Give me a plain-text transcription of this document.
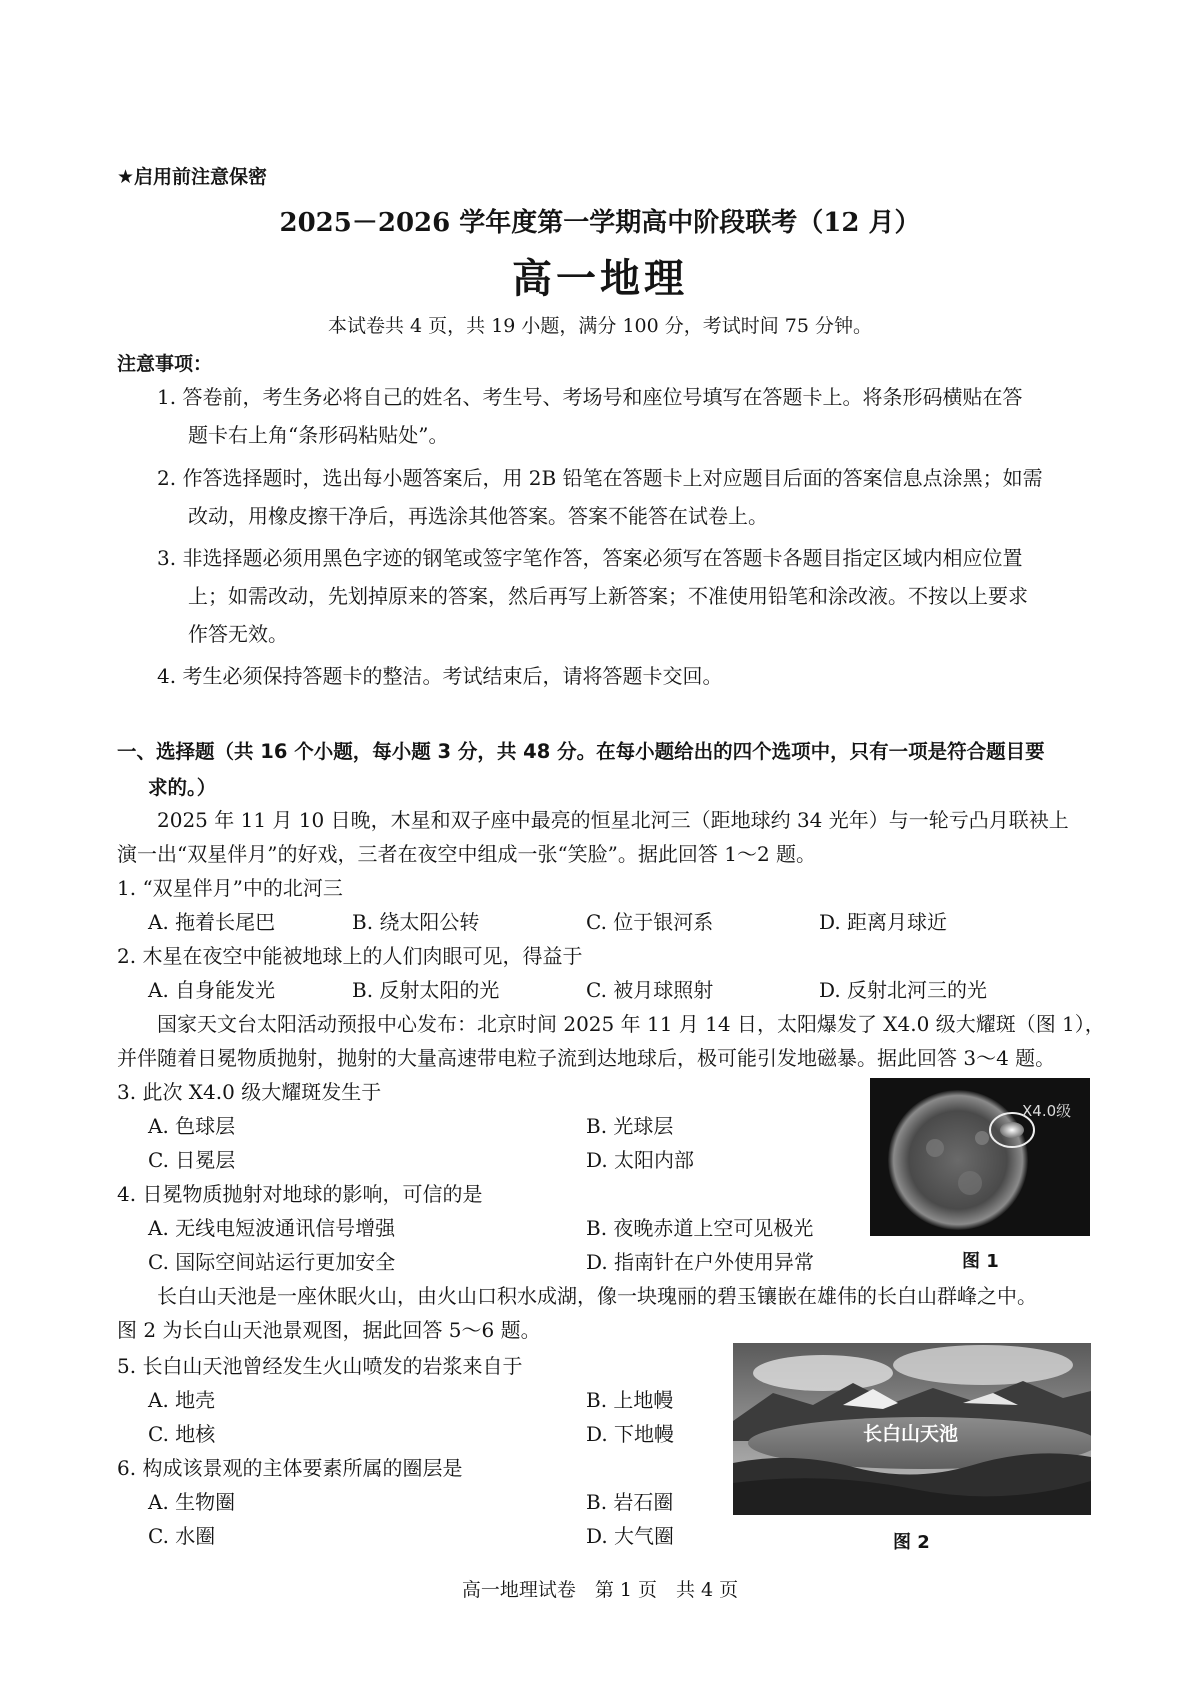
★启用前注意保密
2025－2026 学年度第一学期高中阶段联考（12 月）
高一地理
本试卷共 4 页，共 19 小题，满分 100 分，考试时间 75 分钟。
注意事项：
1. 答卷前，考生务必将自己的姓名、考生号、考场号和座位号填写在答题卡上。将条形码横贴在答
题卡右上角“条形码粘贴处”。
2. 作答选择题时，选出每小题答案后，用 2B 铅笔在答题卡上对应题目后面的答案信息点涂黑；如需
改动，用橡皮擦干净后，再选涂其他答案。答案不能答在试卷上。
3. 非选择题必须用黑色字迹的钢笔或签字笔作答，答案必须写在答题卡各题目指定区域内相应位置
上；如需改动，先划掉原来的答案，然后再写上新答案；不准使用铅笔和涂改液。不按以上要求
作答无效。
4. 考生必须保持答题卡的整洁。考试结束后，请将答题卡交回。
一、选择题（共 16 个小题，每小题 3 分，共 48 分。在每小题给出的四个选项中，只有一项是符合题目要
求的。）
2025 年 11 月 10 日晚，木星和双子座中最亮的恒星北河三（距地球约 34 光年）与一轮亏凸月联袂上
演一出“双星伴月”的好戏，三者在夜空中组成一张“笑脸”。据此回答 1～2 题。
1. “双星伴月”中的北河三
A. 拖着长尾巴	B. 绕太阳公转	C. 位于银河系	D. 距离月球近
2. 木星在夜空中能被地球上的人们肉眼可见，得益于
A. 自身能发光	B. 反射太阳的光	C. 被月球照射	D. 反射北河三的光
国家天文台太阳活动预报中心发布：北京时间 2025 年 11 月 14 日，太阳爆发了 X4.0 级大耀斑（图 1），
并伴随着日冕物质抛射，抛射的大量高速带电粒子流到达地球后，极可能引发地磁暴。据此回答 3～4 题。
3. 此次 X4.0 级大耀斑发生于
A. 色球层	B. 光球层
C. 日冕层	D. 太阳内部
4. 日冕物质抛射对地球的影响，可信的是
A. 无线电短波通讯信号增强	B. 夜晚赤道上空可见极光
C. 国际空间站运行更加安全	D. 指南针在户外使用异常
X4.0级
图 1
长白山天池是一座休眠火山，由火山口积水成湖，像一块瑰丽的碧玉镶嵌在雄伟的长白山群峰之中。
图 2 为长白山天池景观图，据此回答 5～6 题。
5. 长白山天池曾经发生火山喷发的岩浆来自于
A. 地壳	B. 上地幔
C. 地核	D. 下地幔
6. 构成该景观的主体要素所属的圈层是
A. 生物圈	B. 岩石圈
C. 水圈	D. 大气圈
长白山天池
图 2
高一地理试卷　第 1 页　共 4 页
